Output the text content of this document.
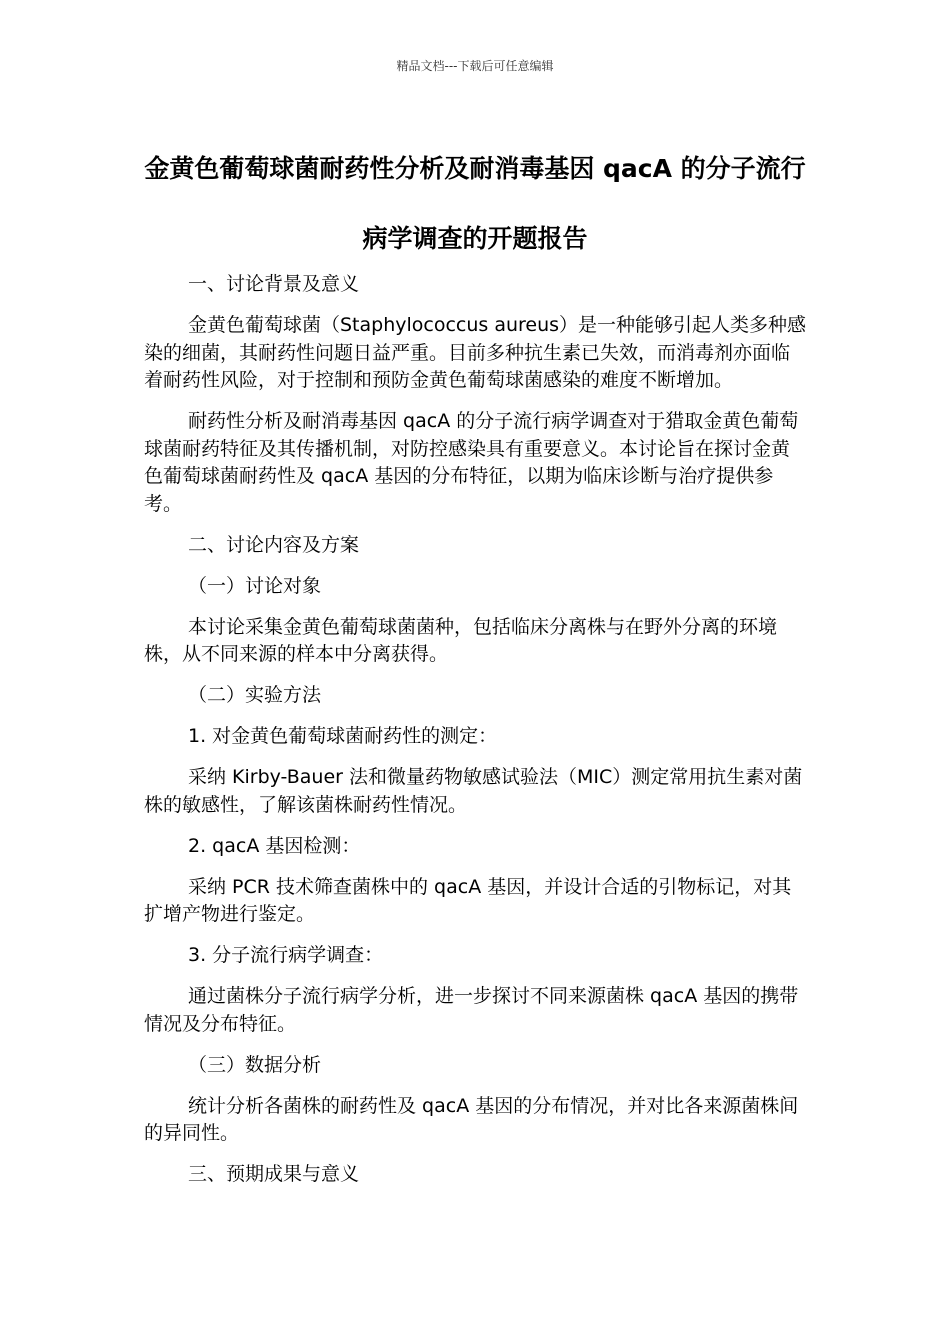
精品文档---下载后可任意编辑
金黄色葡萄球菌耐药性分析及耐消毒基因 qacA 的分子流行病学调查的开题报告

一、讨论背景及意义

金黄色葡萄球菌（Staphylococcus aureus）是一种能够引起人类多种感染的细菌，其耐药性问题日益严重。目前多种抗生素已失效，而消毒剂亦面临着耐药性风险，对于控制和预防金黄色葡萄球菌感染的难度不断增加。

耐药性分析及耐消毒基因 qacA 的分子流行病学调查对于猎取金黄色葡萄球菌耐药特征及其传播机制，对防控感染具有重要意义。本讨论旨在探讨金黄色葡萄球菌耐药性及 qacA 基因的分布特征，以期为临床诊断与治疗提供参考。

二、讨论内容及方案

（一）讨论对象

本讨论采集金黄色葡萄球菌菌种，包括临床分离株与在野外分离的环境株，从不同来源的样本中分离获得。

（二）实验方法

1. 对金黄色葡萄球菌耐药性的测定：

采纳 Kirby-Bauer 法和微量药物敏感试验法（MIC）测定常用抗生素对菌株的敏感性，了解该菌株耐药性情况。

2. qacA 基因检测：

采纳 PCR 技术筛查菌株中的 qacA 基因，并设计合适的引物标记，对其扩增产物进行鉴定。

3. 分子流行病学调查：

通过菌株分子流行病学分析，进一步探讨不同来源菌株 qacA 基因的携带情况及分布特征。

（三）数据分析

统计分析各菌株的耐药性及 qacA 基因的分布情况，并对比各来源菌株间的异同性。

三、预期成果与意义
